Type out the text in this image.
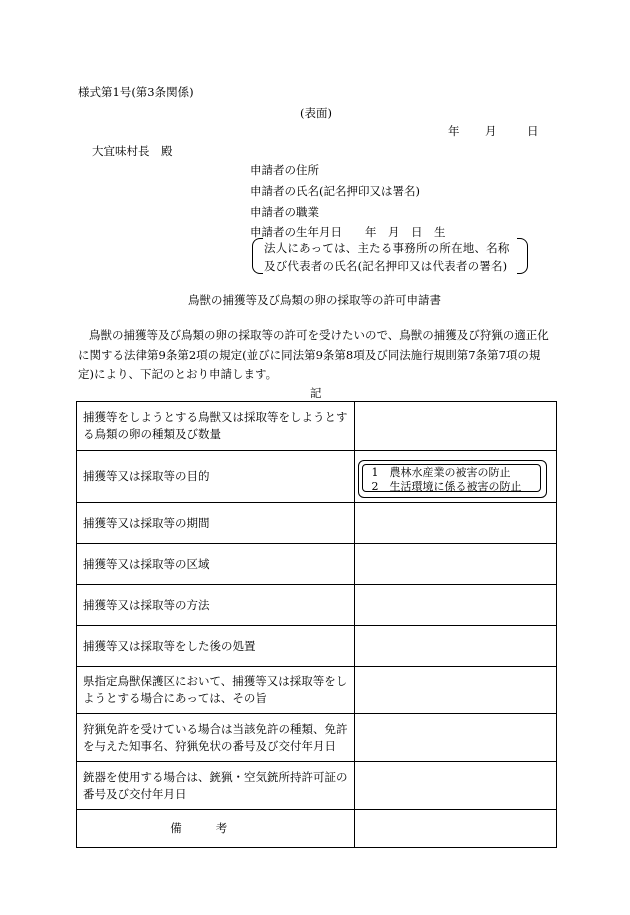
様式第1号(第3条関係)
(表面)
年 月	日
大宜味村長　殿
申請者の住所
申請者の氏名(記名押印又は署名)
申請者の職業
申請者の生年月日　　年　月　日　生
法人にあっては、主たる事務所の所在地、名称及び代表者の氏名(記名押印又は代表者の署名)
鳥獣の捕獲等及び鳥類の卵の採取等の許可申請書
鳥獣の捕獲等及び鳥類の卵の採取等の許可を受けたいので、鳥獣の捕獲及び狩猟の適正化に関する法律第9条第2項の規定(並びに同法第9条第8項及び同法施行規則第7条第7項の規定)により、下記のとおり申請します。
記
捕獲等をしようとする鳥獣又は採取等をしようとする鳥類の卵の種類及び数量	
捕獲等又は採取等の目的	1　農林水産業の被害の防止
2　生活環境に係る被害の防止

捕獲等又は採取等の期間	
捕獲等又は採取等の区域	
捕獲等又は採取等の方法	
捕獲等又は採取等をした後の処置	
県指定鳥獣保護区において、捕獲等又は採取等をしようとする場合にあっては、その旨	
狩猟免許を受けている場合は当該免許の種類、免許を与えた知事名、狩猟免状の番号及び交付年月日	
銃器を使用する場合は、銃猟・空気銃所持許可証の番号及び交付年月日	
備考	
